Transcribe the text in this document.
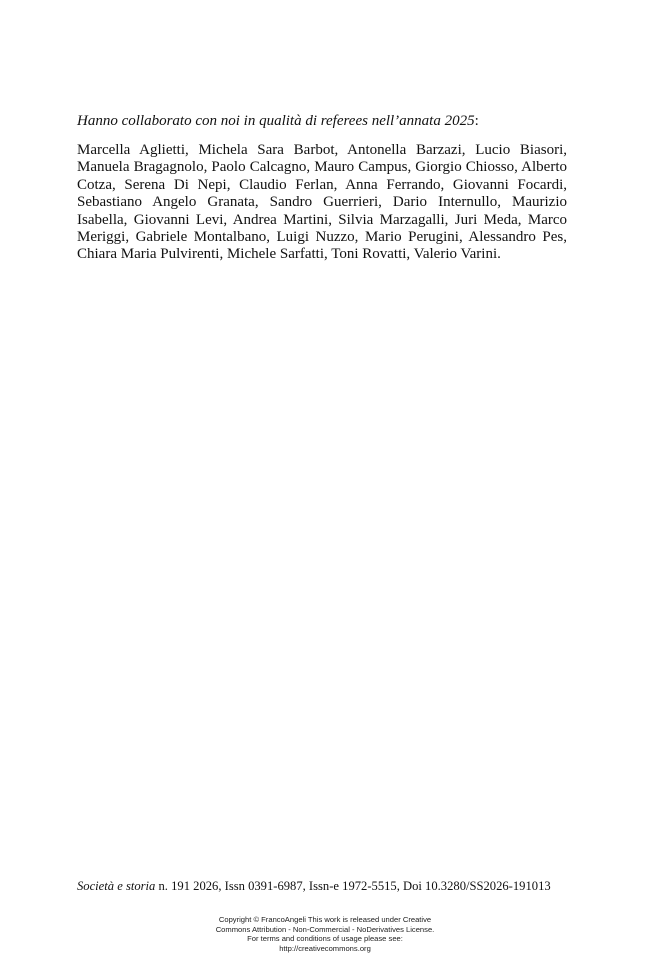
Hanno collaborato con noi in qualità di referees nell’annata 2025:

Marcella Aglietti, Michela Sara Barbot, Antonella Barzazi, Lucio Biasori, Manuela Bragagnolo, Paolo Calcagno, Mauro Campus, Giorgio Chiosso, Alberto Cotza, Serena Di Nepi, Claudio Ferlan, Anna Ferrando, Giovanni Focardi, Sebastiano Angelo Granata, Sandro Guerrieri, Dario Internullo, Maurizio Isabella, Giovanni Levi, Andrea Martini, Silvia Marzagalli, Juri Meda, Marco Meriggi, Gabriele Montalbano, Luigi Nuzzo, Mario Perugini, Alessandro Pes, Chiara Maria Pulvirenti, Michele Sarfatti, Toni Rovatti, Valerio Varini.

Società e storia n. 191 2026, Issn 0391-6987, Issn-e 1972-5515, Doi 10.3280/SS2026-191013
Copyright © FrancoAngeli This work is released under Creative
Commons Attribution - Non-Commercial - NoDerivatives License.
For terms and conditions of usage please see:
http://creativecommons.org
